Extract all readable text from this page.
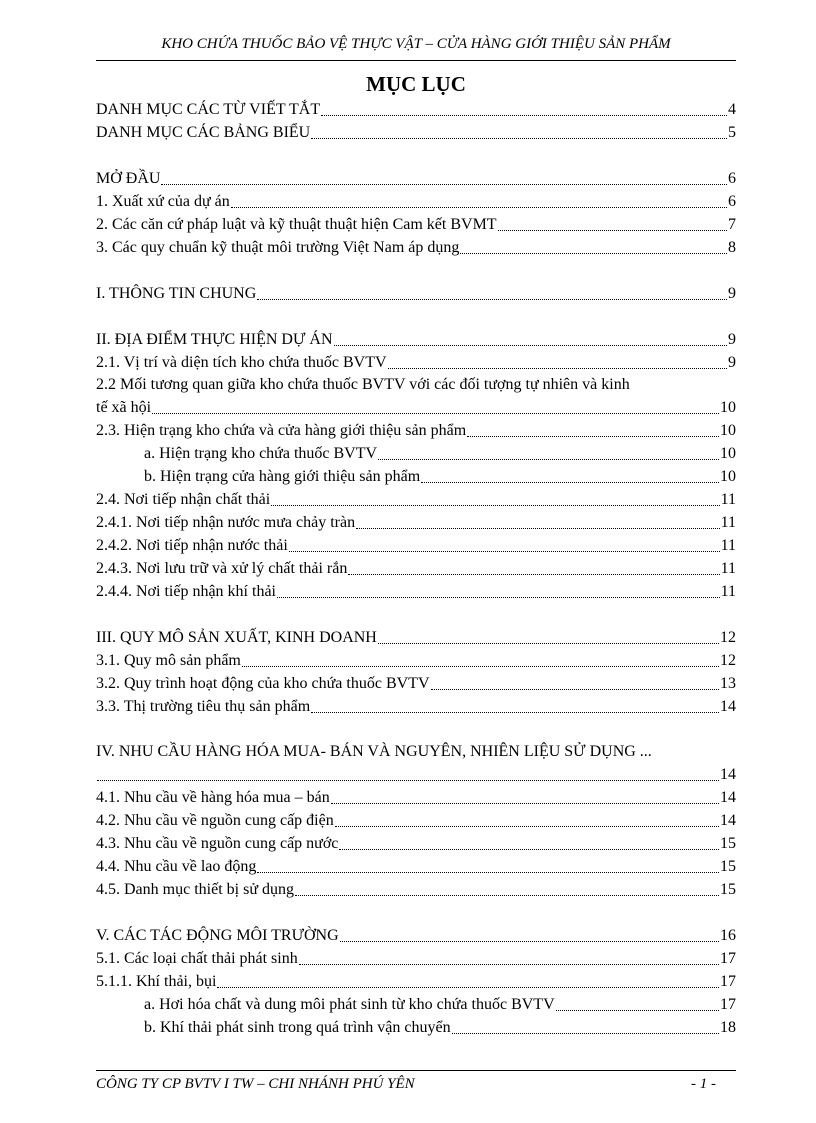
KHO CHỨA THUỐC BẢO VỆ THỰC VẬT – CỬA HÀNG GIỚI THIỆU SẢN PHẨM
MỤC LỤC
DANH MỤC CÁC TỪ VIẾT TẮT	4
DANH MỤC CÁC BẢNG BIỂU	5
MỞ ĐẦU	6
1. Xuất xứ của dự án	6
2. Các căn cứ pháp luật và kỹ thuật thuật hiện Cam kết BVMT	7
3. Các quy chuẩn kỹ thuật môi trường Việt Nam áp dụng	8
I. THÔNG TIN CHUNG	9
II. ĐỊA ĐIỂM THỰC HIỆN DỰ ÁN	9
2.1. Vị trí và diện tích kho chứa thuốc BVTV	9
2.2 Mối tương quan giữa kho chứa thuốc BVTV với các đối tượng tự nhiên và kinh
tế xã hội	10
2.3. Hiện trạng kho chứa và cửa hàng giới thiệu sản phẩm	10
a. Hiện trạng kho chứa thuốc BVTV	10
b. Hiện trạng cửa hàng giới thiệu sản phẩm	10
2.4. Nơi tiếp nhận chất thải	11
2.4.1. Nơi tiếp nhận nước mưa chảy tràn	11
2.4.2. Nơi tiếp nhận nước thải	11
2.4.3. Nơi lưu trữ và xử lý chất thải rắn	11
2.4.4. Nơi tiếp nhận khí thải	11
III. QUY MÔ SẢN XUẤT, KINH DOANH	12
3.1. Quy mô sản phẩm	12
3.2. Quy trình hoạt động của kho chứa thuốc BVTV	13
3.3. Thị trường tiêu thụ sản phẩm	14
IV. NHU CẦU HÀNG HÓA MUA- BÁN VÀ NGUYÊN, NHIÊN LIỆU SỬ DỤNG ...
14
4.1. Nhu cầu về hàng hóa mua – bán	14
4.2. Nhu cầu về nguồn cung cấp điện	14
4.3. Nhu cầu về nguồn cung cấp nước	15
4.4. Nhu cầu về lao động	15
4.5. Danh mục thiết bị sử dụng	15
V. CÁC TÁC ĐỘNG MÔI TRƯỜNG	16
5.1. Các loại chất thải phát sinh	17
5.1.1. Khí thải, bụi	17
a. Hơi hóa chất và dung môi phát sinh từ kho chứa thuốc BVTV	17
b. Khí thải phát sinh trong quá trình vận chuyển	18
CÔNG TY CP BVTV I TW – CHI NHÁNH PHÚ YÊN	- 1 -
